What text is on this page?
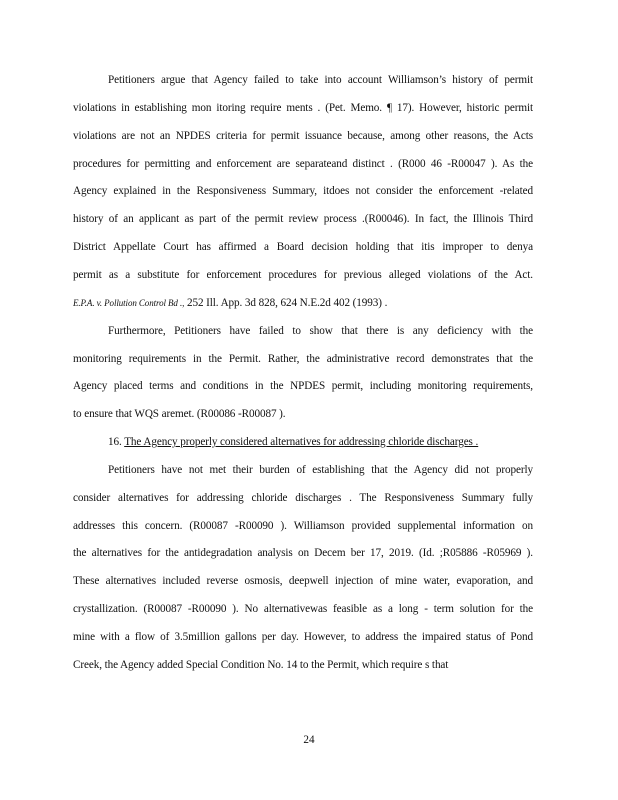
Petitioners argue that Agency failed to take into account Williamson’s history of permit
violations in establishing mon itoring require ments . (Pet. Memo. ¶ 17). However, historic permit
violations are not an NPDES criteria for permit issuance because, among other reasons, the Acts
procedures for permitting and enforcement are separateand distinct . (R000 46 -R00047 ). As the
Agency explained in the Responsiveness Summary, itdoes not consider the enforcement -related
history of an applicant as part of the permit review process .(R00046). In fact, the Illinois Third
District Appellate Court has affirmed a Board decision holding that itis improper to denya
permit as a substitute for enforcement procedures for previous alleged violations of the Act.
E.P.A. v. Pollution Control Bd ., 252 Ill. App. 3d 828, 624 N.E.2d 402 (1993) .
Furthermore, Petitioners have failed to show that there is any deficiency with the
monitoring requirements in the Permit. Rather, the administrative record demonstrates that the
Agency placed terms and conditions in the NPDES permit, including monitoring requirements,
to ensure that WQS aremet. (R00086 -R00087 ).
16. The Agency properly considered alternatives for addressing chloride discharges .
Petitioners have not met their burden of establishing that the Agency did not properly
consider alternatives for addressing chloride discharges . The Responsiveness Summary fully
addresses this concern. (R00087 -R00090 ). Williamson provided supplemental information on
the alternatives for the antidegradation analysis on Decem ber 17, 2019. (Id. ;R05886 -R05969 ).
These alternatives included reverse osmosis, deepwell injection of mine water, evaporation, and
crystallization. (R00087 -R00090 ). No alternativewas feasible as a long - term solution for the
mine with a flow of 3.5million gallons per day. However, to address the impaired status of Pond
Creek, the Agency added Special Condition No. 14 to the Permit, which require s that
24
